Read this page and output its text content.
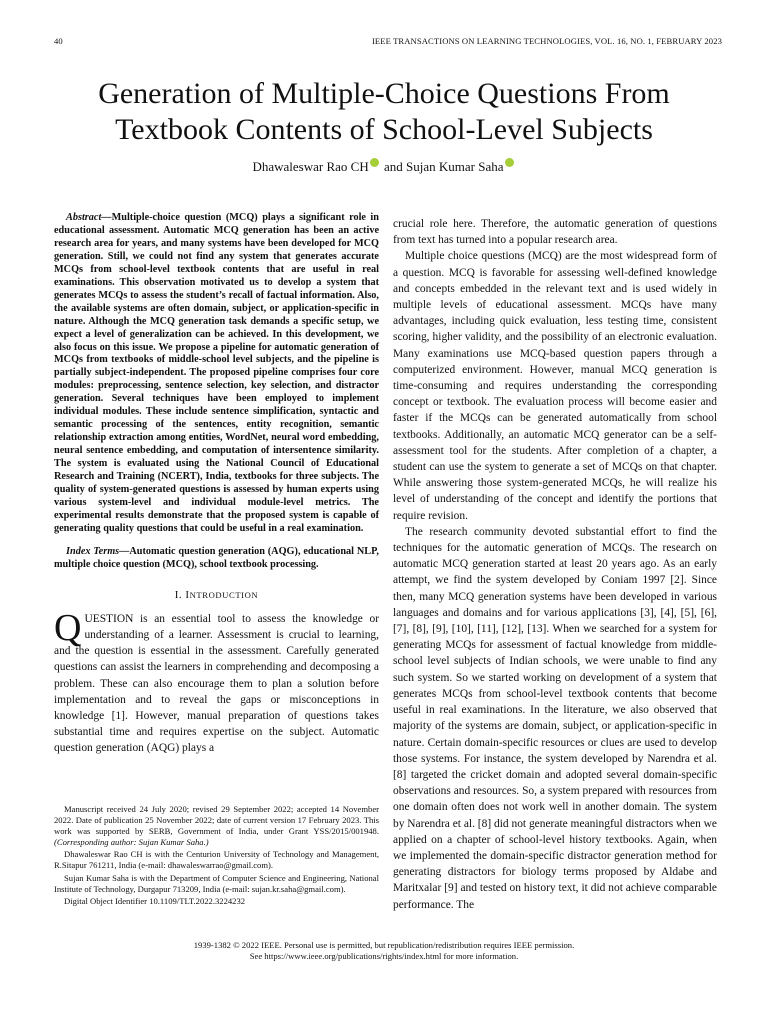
40	IEEE TRANSACTIONS ON LEARNING TECHNOLOGIES, VOL. 16, NO. 1, FEBRUARY 2023
Generation of Multiple-Choice Questions From
Textbook Contents of School-Level Subjects
Dhawaleswar Rao CH and Sujan Kumar Saha

Abstract—Multiple-choice question (MCQ) plays a significant role in educational assessment. Automatic MCQ generation has been an active research area for years, and many systems have been developed for MCQ generation. Still, we could not find any system that generates accurate MCQs from school-level textbook contents that are useful in real examinations. This observation motivated us to develop a system that generates MCQs to assess the student’s recall of factual information. Also, the available systems are often domain, subject, or application-specific in nature. Although the MCQ generation task demands a specific setup, we expect a level of generalization can be achieved. In this development, we also focus on this issue. We propose a pipeline for automatic generation of MCQs from textbooks of middle-school level subjects, and the pipeline is partially subject-independent. The proposed pipeline comprises four core modules: preprocessing, sentence selection, key selection, and distractor generation. Several techniques have been employed to implement individual modules. These include sentence simplification, syntactic and semantic processing of the sentences, entity recognition, semantic relationship extraction among entities, WordNet, neural word embedding, neural sentence embedding, and computation of intersentence similarity. The system is evaluated using the National Council of Educational Research and Training (NCERT), India, textbooks for three subjects. The quality of system-generated questions is assessed by human experts using various system-level and individual module-level metrics. The experimental results demonstrate that the proposed system is capable of generating quality questions that could be useful in a real examination.

Index Terms—Automatic question generation (AQG), educational NLP, multiple choice question (MCQ), school textbook processing.

I. INTRODUCTION

QUESTION is an essential tool to assess the knowledge or understanding of a learner. Assessment is crucial to learning, and the question is essential in the assessment. Carefully generated questions can assist the learners in comprehending and decomposing a problem. These can also encourage them to plan a solution before implementation and to reveal the gaps or misconceptions in knowledge [1]. However, manual preparation of questions takes substantial time and requires expertise on the subject. Automatic question generation (AQG) plays a

crucial role here. Therefore, the automatic generation of questions from text has turned into a popular research area.

Multiple choice questions (MCQ) are the most widespread form of a question. MCQ is favorable for assessing well-defined knowledge and concepts embedded in the relevant text and is used widely in multiple levels of educational assessment. MCQs have many advantages, including quick evaluation, less testing time, consistent scoring, higher validity, and the possibility of an electronic evaluation. Many examinations use MCQ-based question papers through a computerized environment. However, manual MCQ generation is time-consuming and requires understanding the corresponding concept or textbook. The evaluation process will become easier and faster if the MCQs can be generated automatically from school textbooks. Additionally, an automatic MCQ generator can be a self-assessment tool for the students. After completion of a chapter, a student can use the system to generate a set of MCQs on that chapter. While answering those system-generated MCQs, he will realize his level of understanding of the concept and identify the portions that require revision.

The research community devoted substantial effort to find the techniques for the automatic generation of MCQs. The research on automatic MCQ generation started at least 20 years ago. As an early attempt, we find the system developed by Coniam 1997 [2]. Since then, many MCQ generation systems have been developed in various languages and domains and for various applications [3], [4], [5], [6], [7], [8], [9], [10], [11], [12], [13]. When we searched for a system for generating MCQs for assessment of factual knowledge from middle-school level subjects of Indian schools, we were unable to find any such system. So we started working on development of a system that generates MCQs from school-level textbook contents that become useful in real examinations. In the literature, we also observed that majority of the systems are domain, subject, or application-specific in nature. Certain domain-specific resources or clues are used to develop those systems. For instance, the system developed by Narendra et al. [8] targeted the cricket domain and adopted several domain-specific observations and resources. So, a system prepared with resources from one domain often does not work well in another domain. The system by Narendra et al. [8] did not generate meaningful distractors when we applied on a chapter of school-level history textbooks. Again, when we implemented the domain-specific distractor generation method for generating distractors for biology terms proposed by Aldabe and Maritxalar [9] and tested on history text, it did not achieve comparable performance. The

Manuscript received 24 July 2020; revised 29 September 2022; accepted 14 November 2022. Date of publication 25 November 2022; date of current version 17 February 2023. This work was supported by SERB, Government of India, under Grant YSS/2015/001948. (Corresponding author: Sujan Kumar Saha.)

Dhawaleswar Rao CH is with the Centurion University of Technology and Management, R.Sitapur 761211, India (e-mail: dhawaleswarrao@gmail.com).

Sujan Kumar Saha is with the Department of Computer Science and Engineering, National Institute of Technology, Durgapur 713209, India (e-mail: sujan.kr.saha@gmail.com).

Digital Object Identifier 10.1109/TLT.2022.3224232

1939-1382 © 2022 IEEE. Personal use is permitted, but republication/redistribution requires IEEE permission.
See https://www.ieee.org/publications/rights/index.html for more information.
